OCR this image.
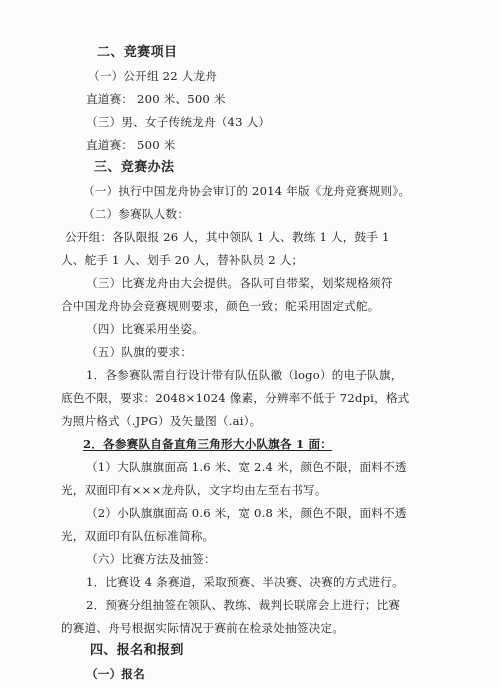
二、竞赛项目
（一）公开组 22 人龙舟
直道赛： 200 米、500 米
（三）男、女子传统龙舟（43 人）
直道赛： 500 米
三、竞赛办法
（一）执行中国龙舟协会审订的 2014 年版《龙舟竞赛规则》。
（二）参赛队人数：
公开组：各队限报 26 人，其中领队 1 人、教练 1 人，鼓手 1
人、舵手 1 人、划手 20 人，替补队员 2 人；
（三）比赛龙舟由大会提供。各队可自带桨，划桨规格须符
合中国龙舟协会竞赛规则要求，颜色一致；舵采用固定式舵。
（四）比赛采用坐姿。
（五）队旗的要求：
1．各参赛队需自行设计带有队伍队徽（logo）的电子队旗，
底色不限，要求：2048×1024 像素，分辨率不低于 72dpi，格式
为照片格式（.JPG）及矢量图（.ai）。
2．各参赛队自备直角三角形大小队旗各 1 面：
（1）大队旗旗面高 1.6 米、宽 2.4 米，颜色不限，面料不透
光，双面印有×××龙舟队，文字均由左至右书写。
（2）小队旗旗面高 0.6 米，宽 0.8 米，颜色不限，面料不透
光，双面印有队伍标准简称。
（六）比赛方法及抽签：
1．比赛设 4 条赛道，采取预赛、半决赛、决赛的方式进行。
2．预赛分组抽签在领队、教练、裁判长联席会上进行；比赛
的赛道、舟号根据实际情况于赛前在检录处抽签决定。
四、报名和报到
（一）报名
